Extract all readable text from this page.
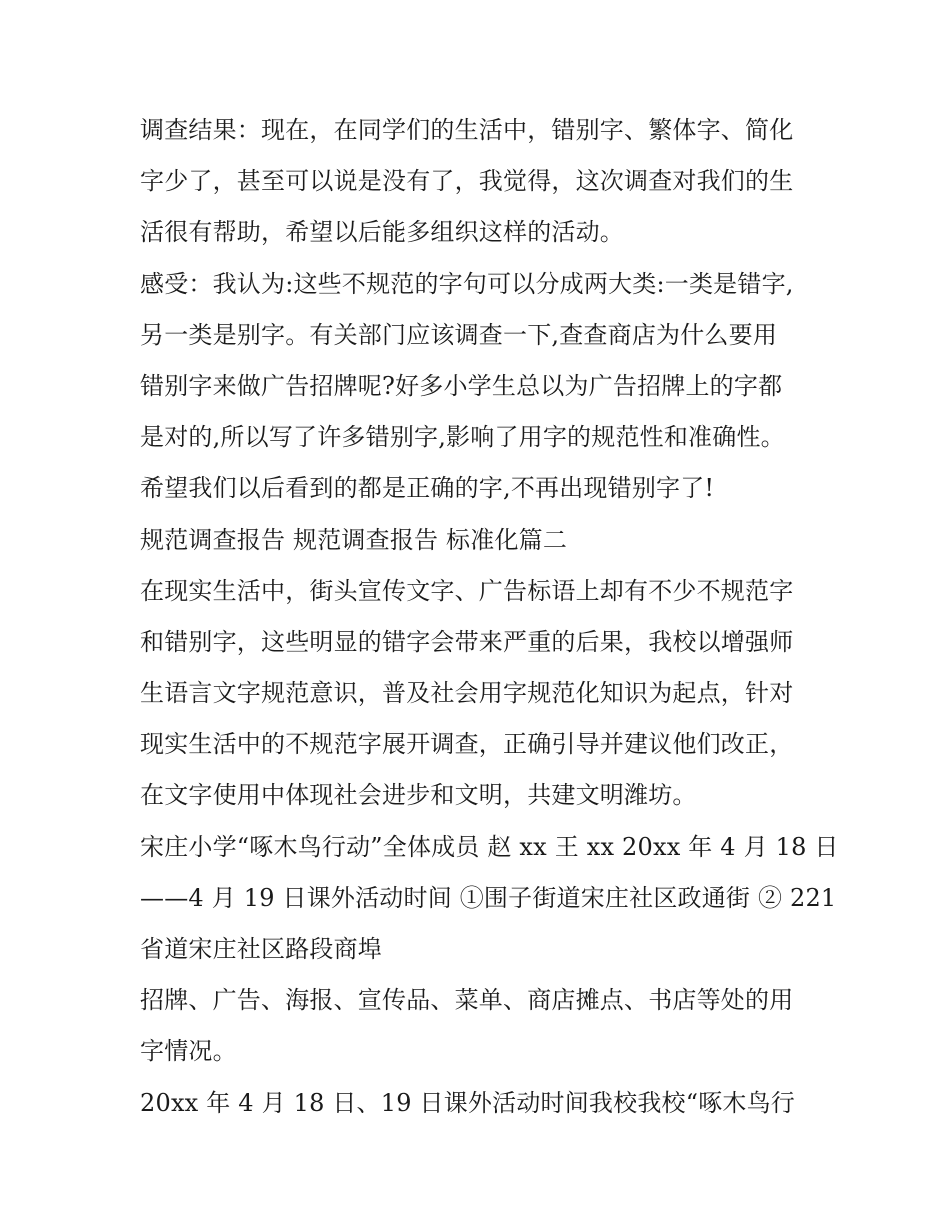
调查结果：现在，在同学们的生活中，错别字、繁体字、简化
字少了，甚至可以说是没有了，我觉得，这次调查对我们的生
活很有帮助，希望以后能多组织这样的活动。
感受：我认为:这些不规范的字句可以分成两大类:一类是错字,
另一类是别字。有关部门应该调查一下,查查商店为什么要用
错别字来做广告招牌呢?好多小学生总以为广告招牌上的字都
是对的,所以写了许多错别字,影响了用字的规范性和准确性。
希望我们以后看到的都是正确的字,不再出现错别字了!
规范调查报告 规范调查报告 标准化篇二
在现实生活中，街头宣传文字、广告标语上却有不少不规范字
和错别字，这些明显的错字会带来严重的后果，我校以增强师
生语言文字规范意识，普及社会用字规范化知识为起点，针对
现实生活中的不规范字展开调查，正确引导并建议他们改正，
在文字使用中体现社会进步和文明，共建文明潍坊。
宋庄小学“啄木鸟行动”全体成员 赵 xx 王 xx 20xx 年 4 月 18 日
——4 月 19 日课外活动时间 ①围子街道宋庄社区政通街 ② 221
省道宋庄社区路段商埠
招牌、广告、海报、宣传品、菜单、商店摊点、书店等处的用
字情况。
20xx 年 4 月 18 日、19 日课外活动时间我校我校“啄木鸟行
